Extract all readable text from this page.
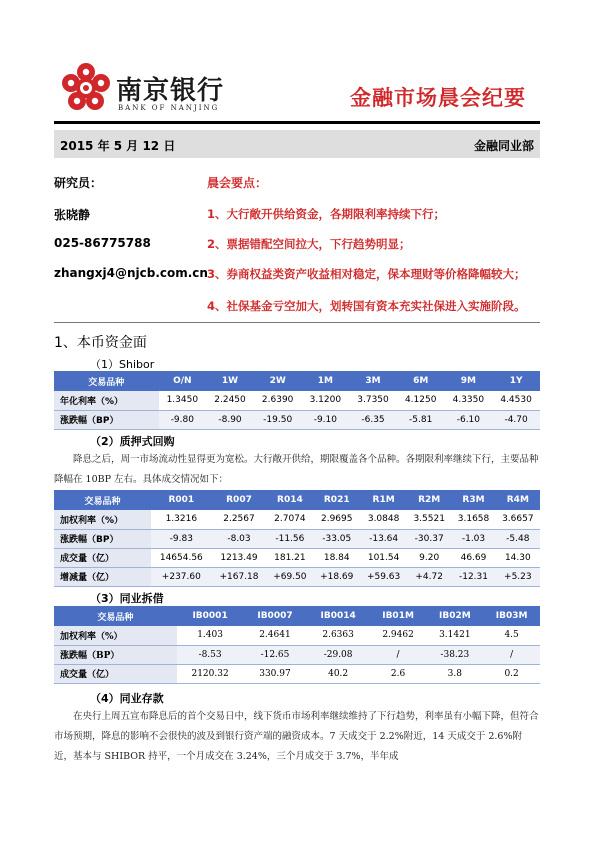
南京银行
BANK OF NANJING	金融市场晨会纪要
2015 年 5 月 12 日	金融同业部
研究员：
张晓静
025-86775788
zhangxj4@njcb.com.cn
晨会要点：
1、大行敞开供给资金，各期限利率持续下行；
2、票据错配空间拉大，下行趋势明显；
3、券商权益类资产收益相对稳定，保本理财等价格降幅较大；
4、社保基金亏空加大，划转国有资本充实社保进入实施阶段。
1、本币资金面
（1）Shibor
交易品种	O/N	1W	2W	1M	3M	6M	9M	1Y
年化利率（%）	1.3450	2.2450	2.6390	3.1200	3.7350	4.1250	4.3350	4.4530
涨跌幅（BP）	-9.80	-8.90	-19.50	-9.10	-6.35	-5.81	-6.10	-4.70
（2）质押式回购
降息之后，周一市场流动性显得更为宽松。大行敞开供给，期限覆盖各个品种。各期限利率继续下行，主要品种降幅在 10BP 左右。具体成交情况如下：
交易品种	R001	R007	R014	R021	R1M	R2M	R3M	R4M
加权利率（%）	1.3216	2.2567	2.7074	2.9695	3.0848	3.5521	3.1658	3.6657
涨跌幅（BP）	-9.83	-8.03	-11.56	-33.05	-13.64	-30.37	-1.03	-5.48
成交量（亿）	14654.56	1213.49	181.21	18.84	101.54	9.20	46.69	14.30
增减量（亿）	+237.60	+167.18	+69.50	+18.69	+59.63	+4.72	-12.31	+5.23
（3）同业拆借
交易品种	IB0001	IB0007	IB0014	IB01M	IB02M	IB03M
加权利率（%）	1.403	2.4641	2.6363	2.9462	3.1421	4.5
涨跌幅（BP）	-8.53	-12.65	-29.08	/	-38.23	/
成交量（亿）	2120.32	330.97	40.2	2.6	3.8	0.2
（4）同业存款
在央行上周五宣布降息后的首个交易日中，线下货币市场利率继续维持了下行趋势，利率虽有小幅下降，但符合市场预期，降息的影响不会很快的波及到银行资产端的融资成本。7 天成交于 2.2%附近，14 天成交于 2.6%附近，基本与 SHIBOR 持平，一个月成交在 3.24%，三个月成交于 3.7%，半年成
